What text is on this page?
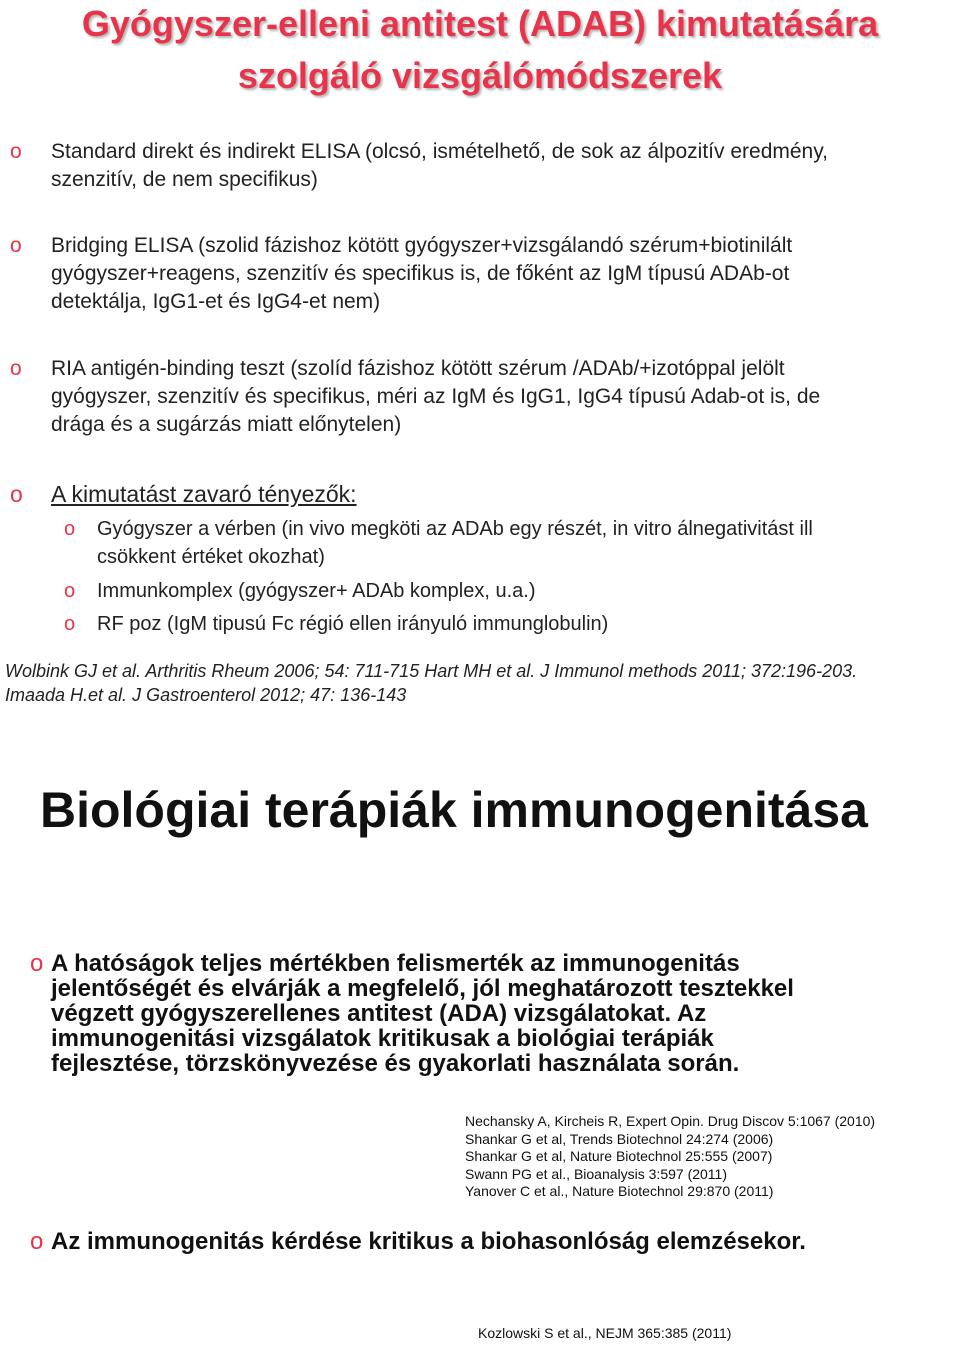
Gyógyszer-elleni antitest (ADAB) kimutatására
szolgáló vizsgálómódszerek
o Standard direkt és indirekt ELISA (olcsó, ismételhető, de sok az álpozitív eredmény,
szenzitív, de nem specifikus)
o Bridging ELISA (szolid fázishoz kötött gyógyszer+vizsgálandó szérum+biotinilált
gyógyszer+reagens, szenzitív és specifikus is, de főként az IgM típusú ADAb-ot
detektálja, IgG1-et és IgG4-et nem)
o RIA antigén-binding teszt (szolíd fázishoz kötött szérum /ADAb/+izotóppal jelölt
gyógyszer, szenzitív és specifikus, méri az IgM és IgG1, IgG4 típusú Adab-ot is, de
drága és a sugárzás miatt előnytelen)
o A kimutatást zavaró tényezők:
o Gyógyszer a vérben (in vivo megköti az ADAb egy részét, in vitro álnegativitást ill
csökkent értéket okozhat)
o Immunkomplex (gyógyszer+ ADAb komplex, u.a.)
o RF poz (IgM tipusú Fc régió ellen irányuló immunglobulin)
Wolbink GJ et al. Arthritis Rheum 2006; 54: 711-715 Hart MH et al. J Immunol methods 2011; 372:196-203.
Imaada H.et al. J Gastroenterol 2012; 47: 136-143
Biológiai terápiák immunogenitása
o A hatóságok teljes mértékben felismerték az immunogenitás
jelentőségét és elvárják a megfelelő, jól meghatározott tesztekkel
végzett gyógyszerellenes antitest (ADA) vizsgálatokat. Az
immunogenitási vizsgálatok kritikusak a biológiai terápiák
fejlesztése, törzskönyvezése és gyakorlati használata során.
Nechansky A, Kircheis R, Expert Opin. Drug Discov 5:1067 (2010)
Shankar G et al, Trends Biotechnol 24:274 (2006)
Shankar G et al, Nature Biotechnol 25:555 (2007)
Swann PG et al., Bioanalysis 3:597 (2011)
Yanover C et al., Nature Biotechnol 29:870 (2011)
o Az immunogenitás kérdése kritikus a biohasonlóság elemzésekor.
Kozlowski S et al., NEJM 365:385 (2011)
